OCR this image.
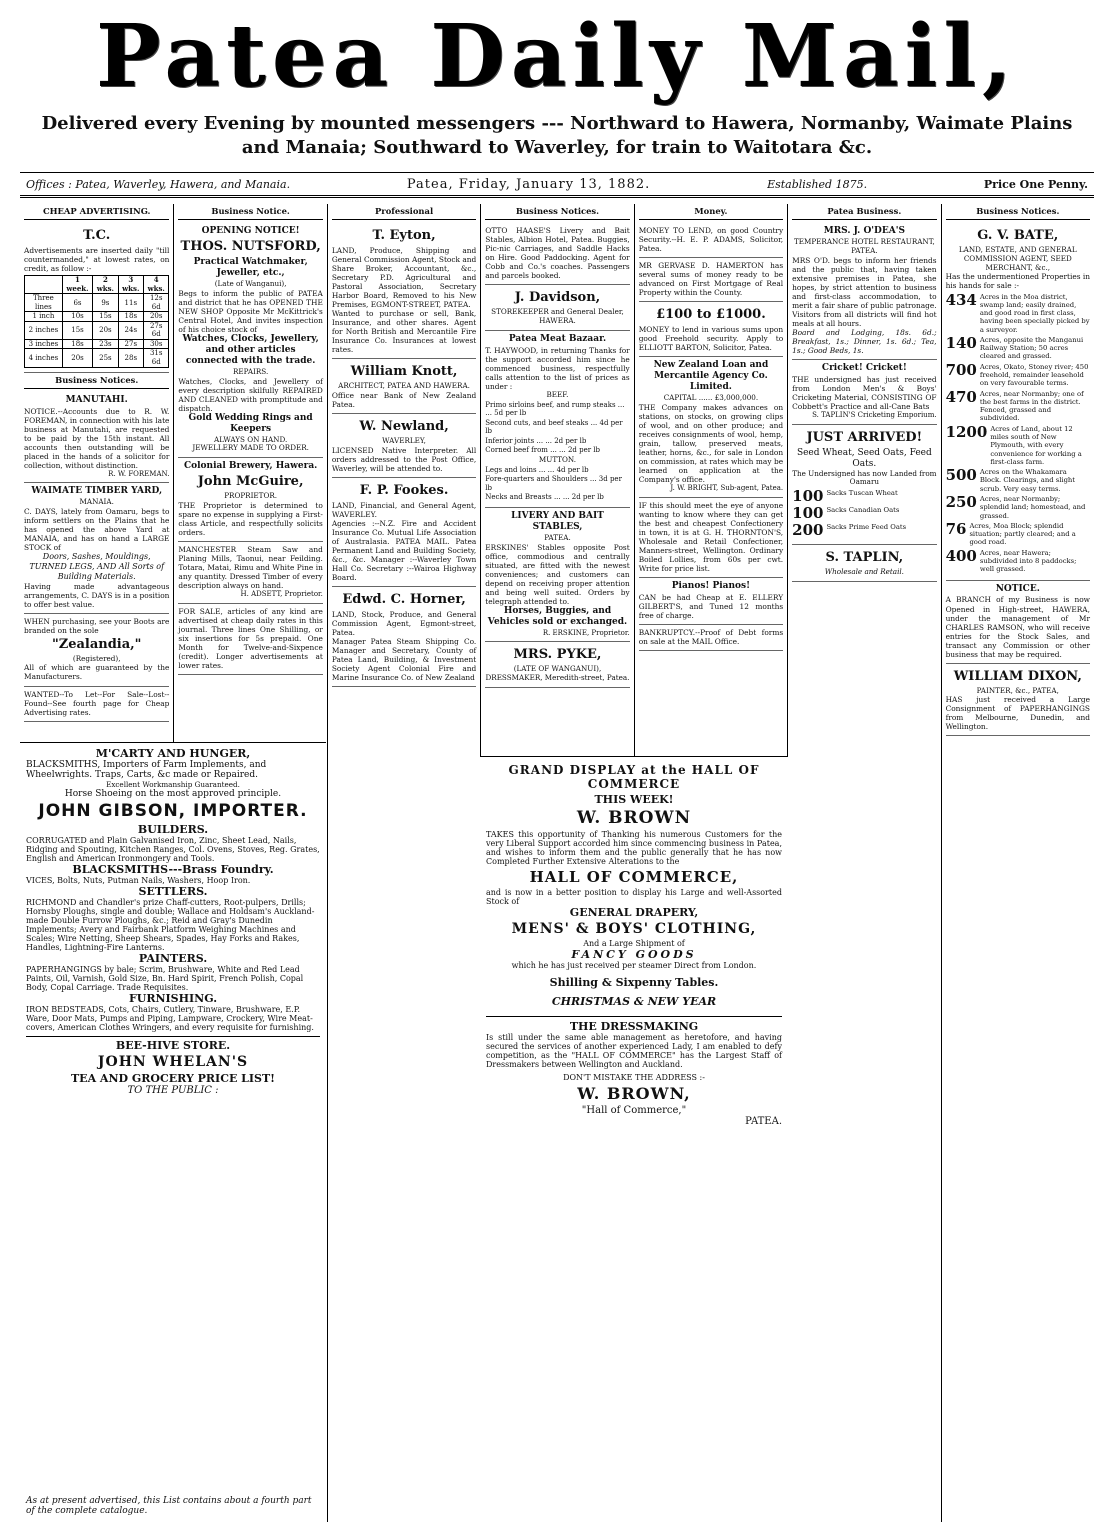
Patea Daily Mail,
Delivered every Evening by mounted messengers --- Northward to Hawera, Normanby, Waimate Plains
and Manaia; Southward to Waverley, for train to Waitotara &c.
Offices : Patea, Waverley, Hawera, and Manaia.	Patea, Friday, January 13, 1882.	Established 1875.	Price One Penny.
CHEAP ADVERTISING.
T.C.
Advertisements are inserted daily "till countermanded," at lowest rates, on credit, as follow :-
	1 week.	2 wks.	3 wks.	4 wks.
Three lines	6s	9s	11s	12s 6d
1 inch	10s	15s	18s	20s
2 inches	15s	20s	24s	27s 6d
3 inches	18s	23s	27s	30s
4 inches	20s	25s	28s	31s 6d
Business Notices.
MANUTAHI.
NOTICE.--Accounts due to R. W. FOREMAN, in connection with his late business at Manutahi, are requested to be paid by the 15th instant. All accounts then outstanding will be placed in the hands of a solicitor for collection, without distinction.
R. W. FOREMAN.
WAIMATE TIMBER YARD,
MANAIA.
C. DAYS, lately from Oamaru, begs to inform settlers on the Plains that he has opened the above Yard at MANAIA, and has on hand a LARGE STOCK of
Doors, Sashes, Mouldings, TURNED LEGS, AND All Sorts of Building Materials.
Having made advantageous arrangements, C. DAYS is in a position to offer best value.
WHEN purchasing, see your Boots are branded on the sole
"Zealandia,"
(Registered),
All of which are guaranteed by the Manufacturers.
WANTED--To Let--For Sale--Lost--Found--See fourth page for Cheap Advertising rates.
Business Notice.
OPENING NOTICE!
THOS. NUTSFORD,
Practical Watchmaker, Jeweller, etc.,
(Late of Wanganui),
Begs to inform the public of PATEA and district that he has OPENED THE NEW SHOP Opposite Mr McKittrick's Central Hotel, And invites inspection of his choice stock of
Watches, Clocks, Jewellery, and other articles connected with the trade.
REPAIRS.
Watches, Clocks, and Jewellery of every description skilfully REPAIRED AND CLEANED with promptitude and dispatch.
Gold Wedding Rings and Keepers
ALWAYS ON HAND.
JEWELLERY MADE TO ORDER.
Colonial Brewery, Hawera.
John McGuire,
PROPRIETOR.
THE Proprietor is determined to spare no expense in supplying a First-class Article, and respectfully solicits orders.
MANCHESTER Steam Saw and Planing Mills, Taonui, near Feilding. Totara, Matai, Rimu and White Pine in any quantity. Dressed Timber of every description always on hand.
H. ADSETT, Proprietor.
FOR SALE, articles of any kind are advertised at cheap daily rates in this journal. Three lines One Shilling, or six insertions for 5s prepaid. One Month for Twelve-and-Sixpence (credit). Longer advertisements at lower rates.
Professional
T. Eyton,
LAND, Produce, Shipping and General Commission Agent, Stock and Share Broker, Accountant, &c., Secretary P.D. Agricultural and Pastoral Association, Secretary Harbor Board, Removed to his New Premises, EGMONT-STREET, PATEA.
Wanted to purchase or sell, Bank, Insurance, and other shares. Agent for North British and Mercantile Fire Insurance Co. Insurances at lowest rates.
William Knott,
ARCHITECT, PATEA AND HAWERA.
Office near Bank of New Zealand Patea.
W. Newland,
WAVERLEY,
LICENSED Native Interpreter. All orders addressed to the Post Office, Waverley, will be attended to.
F. P. Fookes.
LAND, Financial, and General Agent, WAVERLEY.
Agencies :--N.Z. Fire and Accident Insurance Co. Mutual Life Association of Australasia. PATEA MAIL. Patea Permanent Land and Building Society, &c., &c. Manager :--Waverley Town Hall Co. Secretary :--Wairoa Highway Board.
Edwd. C. Horner,
LAND, Stock, Produce, and General Commission Agent, Egmont-street, Patea.
Manager Patea Steam Shipping Co. Manager and Secretary, County of Patea Land, Building, & Investment Society Agent Colonial Fire and Marine Insurance Co. of New Zealand
Business Notices.
OTTO HAASE'S Livery and Bait Stables, Albion Hotel, Patea. Buggies, Pic-nic Carriages, and Saddle Hacks on Hire. Good Paddocking. Agent for Cobb and Co.'s coaches. Passengers and parcels booked.
J. Davidson,
STOREKEEPER and General Dealer, HAWERA.
Patea Meat Bazaar.
T. HAYWOOD, in returning Thanks for the support accorded him since he commenced business, respectfully calls attention to the list of prices as under :
BEEF.
Primo sirloins beef, and rump steaks ... ... 5d per lb
Second cuts, and beef steaks ... 4d per lb
Inferior joints ... ... 2d per lb
Corned beef from ... ... 2d per lb
MUTTON.
Legs and loins ... ... 4d per lb
Fore-quarters and Shoulders ... 3d per lb
Necks and Breasts ... ... 2d per lb
LIVERY AND BAIT STABLES,
PATEA.
ERSKINES' Stables opposite Post office, commodious and centrally situated, are fitted with the newest conveniences; and customers can depend on receiving proper attention and being well suited. Orders by telegraph attended to.
Horses, Buggies, and Vehicles sold or exchanged.
R. ERSKINE, Proprietor.
MRS. PYKE,
(LATE OF WANGANUI), DRESSMAKER, Meredith-street, Patea.
Money.
MONEY TO LEND, on good Country Security.--H. E. P. ADAMS, Solicitor, Patea.
MR GERVASE D. HAMERTON has several sums of money ready to be advanced on First Mortgage of Real Property within the County.
£100 to £1000.
MONEY to lend in various sums upon good Freehold security. Apply to ELLIOTT BARTON, Solicitor, Patea.
New Zealand Loan and Mercantile Agency Co. Limited.
CAPITAL ...... £3,000,000.
THE Company makes advances on stations, on stocks, on growing clips of wool, and on other produce; and receives consignments of wool, hemp, grain, tallow, preserved meats, leather, horns, &c., for sale in London on commission, at rates which may be learned on application at the Company's office.
J. W. BRIGHT, Sub-agent, Patea.
IF this should meet the eye of anyone wanting to know where they can get the best and cheapest Confectionery in town, it is at G. H. THORNTON'S, Wholesale and Retail Confectioner, Manners-street, Wellington. Ordinary Boiled Lollies, from 60s per cwt. Write for price list.
Pianos! Pianos!
CAN be had Cheap at E. ELLERY GILBERT'S, and Tuned 12 months free of charge.
BANKRUPTCY.--Proof of Debt forms on sale at the MAIL Office.
Patea Business.
MRS. J. O'DEA'S
TEMPERANCE HOTEL RESTAURANT, PATEA.
MRS O'D. begs to inform her friends and the public that, having taken extensive premises in Patea, she hopes, by strict attention to business and first-class accommodation, to merit a fair share of public patronage. Visitors from all districts will find hot meals at all hours.
Board and Lodging, 18s. 6d.; Breakfast, 1s.; Dinner, 1s. 6d.; Tea, 1s.; Good Beds, 1s.
Cricket! Cricket!
THE undersigned has just received from London Men's & Boys' Cricketing Material, CONSISTING OF Cobbett's Practice and all-Cane Bats
S. TAPLIN'S Cricketing Emporium.
JUST ARRIVED!
Seed Wheat, Seed Oats, Feed Oats.
The Undersigned has now Landed from Oamaru
100 Sacks Tuscan Wheat
100 Sacks Canadian Oats
200 Sacks Prime Feed Oats
S. TAPLIN,
Wholesale and Retail.
Business Notices.
G. V. BATE,
LAND, ESTATE, AND GENERAL COMMISSION AGENT, SEED MERCHANT, &c.,
Has the undermentioned Properties in his hands for sale :-
434 Acres in the Moa district, swamp land; easily drained, and good road in first class, having been specially picked by a surveyor.
140 Acres, opposite the Manganui Railway Station; 50 acres cleared and grassed.
700 Acres, Okato, Stoney river; 450 freehold, remainder leasehold on very favourable terms.
470 Acres, near Normanby; one of the best farms in the district. Fenced, grassed and subdivided.
1200 Acres of Land, about 12 miles south of New Plymouth, with every convenience for working a first-class farm.
500 Acres on the Whakamara Block. Clearings, and slight scrub. Very easy terms.
250 Acres, near Normanby; splendid land; homestead, and grassed.
76 Acres, Moa Block; splendid situation; partly cleared; and a good road.
400 Acres, near Hawera; subdivided into 8 paddocks; well grassed.
NOTICE.
A BRANCH of my Business is now Opened in High-street, HAWERA, under the management of Mr CHARLES RAMSON, who will receive entries for the Stock Sales, and transact any Commission or other business that may be required.
WILLIAM DIXON,
PAINTER, &c., PATEA,
HAS just received a Large Consignment of PAPERHANGINGS from Melbourne, Dunedin, and Wellington.
M'CARTY AND HUNGER,
BLACKSMITHS, Importers of Farm Implements, and Wheelwrights. Traps, Carts, &c made or Repaired.
Excellent Workmanship Guaranteed.
Horse Shoeing on the most approved principle.
JOHN GIBSON, IMPORTER.
BUILDERS.
CORRUGATED and Plain Galvanised Iron, Zinc, Sheet Lead, Nails, Ridging and Spouting, Kitchen Ranges, Col. Ovens, Stoves, Reg. Grates, English and American Ironmongery and Tools.
BLACKSMITHS---Brass Foundry.
VICES, Bolts, Nuts, Putman Nails, Washers, Hoop Iron.
SETTLERS.
RICHMOND and Chandler's prize Chaff-cutters, Root-pulpers, Drills; Hornsby Ploughs, single and double; Wallace and Holdsam's Auckland-made Double Furrow Ploughs, &c.; Reid and Gray's Dunedin Implements; Avery and Fairbank Platform Weighing Machines and Scales; Wire Netting, Sheep Shears, Spades, Hay Forks and Rakes, Handles, Lightning-Fire Lanterns.
PAINTERS.
PAPERHANGINGS by bale; Scrim, Brushware, White and Red Lead Paints, Oil, Varnish, Gold Size, Bn. Hard Spirit, French Polish, Copal Body, Copal Carriage. Trade Requisites.
FURNISHING.
IRON BEDSTEADS, Cots, Chairs, Cutlery, Tinware, Brushware, E.P. Ware, Door Mats, Pumps and Piping, Lampware, Crockery, Wire Meat-covers, American Clothes Wringers, and every requisite for furnishing.
BEE-HIVE STORE.
JOHN WHELAN'S
TEA AND GROCERY PRICE LIST!
TO THE PUBLIC :
As at present advertised, this List contains about a fourth part of the complete catalogue.
GRAND DISPLAY at the HALL OF COMMERCE
THIS WEEK!
W. BROWN
TAKES this opportunity of Thanking his numerous Customers for the very Liberal Support accorded him since commencing business in Patea, and wishes to inform them and the public generally that he has now Completed Further Extensive Alterations to the
HALL OF COMMERCE,
and is now in a better position to display his Large and well-Assorted Stock of
GENERAL DRAPERY,
MENS' & BOYS' CLOTHING,
And a Large Shipment of
FANCY GOODS
which he has just received per steamer Direct from London.
Shilling & Sixpenny Tables.
CHRISTMAS & NEW YEAR
THE DRESSMAKING
Is still under the same able management as heretofore, and having secured the services of another experienced Lady, I am enabled to defy competition, as the "HALL OF COMMERCE" has the Largest Staff of Dressmakers between Wellington and Auckland.
DON'T MISTAKE THE ADDRESS :-
W. BROWN,
"Hall of Commerce,"
PATEA.
